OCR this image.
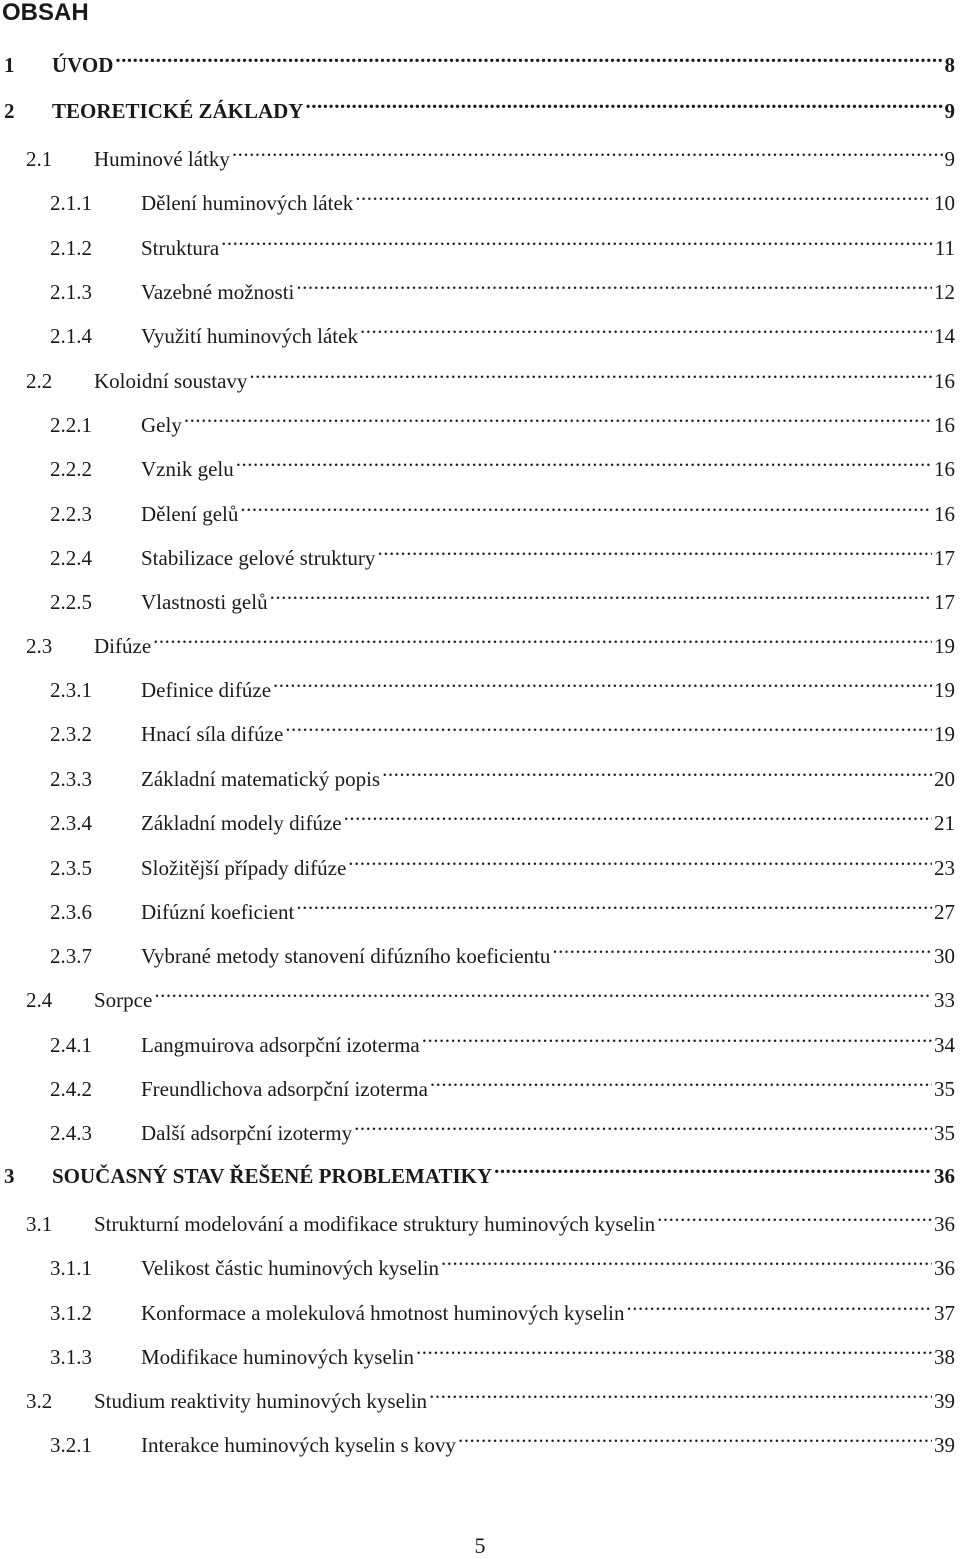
OBSAH
1	ÚVOD .....	8
2	TEORETICKÉ ZÁKLADY .....	9
2.1	Huminové látky .....	9
2.1.1	Dělení huminových látek .....	10
2.1.2	Struktura .....	11
2.1.3	Vazebné možnosti .....	12
2.1.4	Využití huminových látek .....	14
2.2	Koloidní soustavy .....	16
2.2.1	Gely .....	16
2.2.2	Vznik gelu .....	16
2.2.3	Dělení gelů .....	16
2.2.4	Stabilizace gelové struktury .....	17
2.2.5	Vlastnosti gelů .....	17
2.3	Difúze .....	19
2.3.1	Definice difúze .....	19
2.3.2	Hnací síla difúze .....	19
2.3.3	Základní matematický popis .....	20
2.3.4	Základní modely difúze .....	21
2.3.5	Složitější případy difúze .....	23
2.3.6	Difúzní koeficient .....	27
2.3.7	Vybrané metody stanovení difúzního koeficientu .....	30
2.4	Sorpce .....	33
2.4.1	Langmuirova adsorpční izoterma .....	34
2.4.2	Freundlichova adsorpční izoterma .....	35
2.4.3	Další adsorpční izotermy .....	35
3	SOUČASNÝ STAV ŘEŠENÉ PROBLEMATIKY .....	36
3.1	Strukturní modelování a modifikace struktury huminových kyselin .....	36
3.1.1	Velikost částic huminových kyselin .....	36
3.1.2	Konformace a molekulová hmotnost huminových kyselin .....	37
3.1.3	Modifikace huminových kyselin .....	38
3.2	Studium reaktivity huminových kyselin .....	39
3.2.1	Interakce huminových kyselin s kovy .....	39
5
